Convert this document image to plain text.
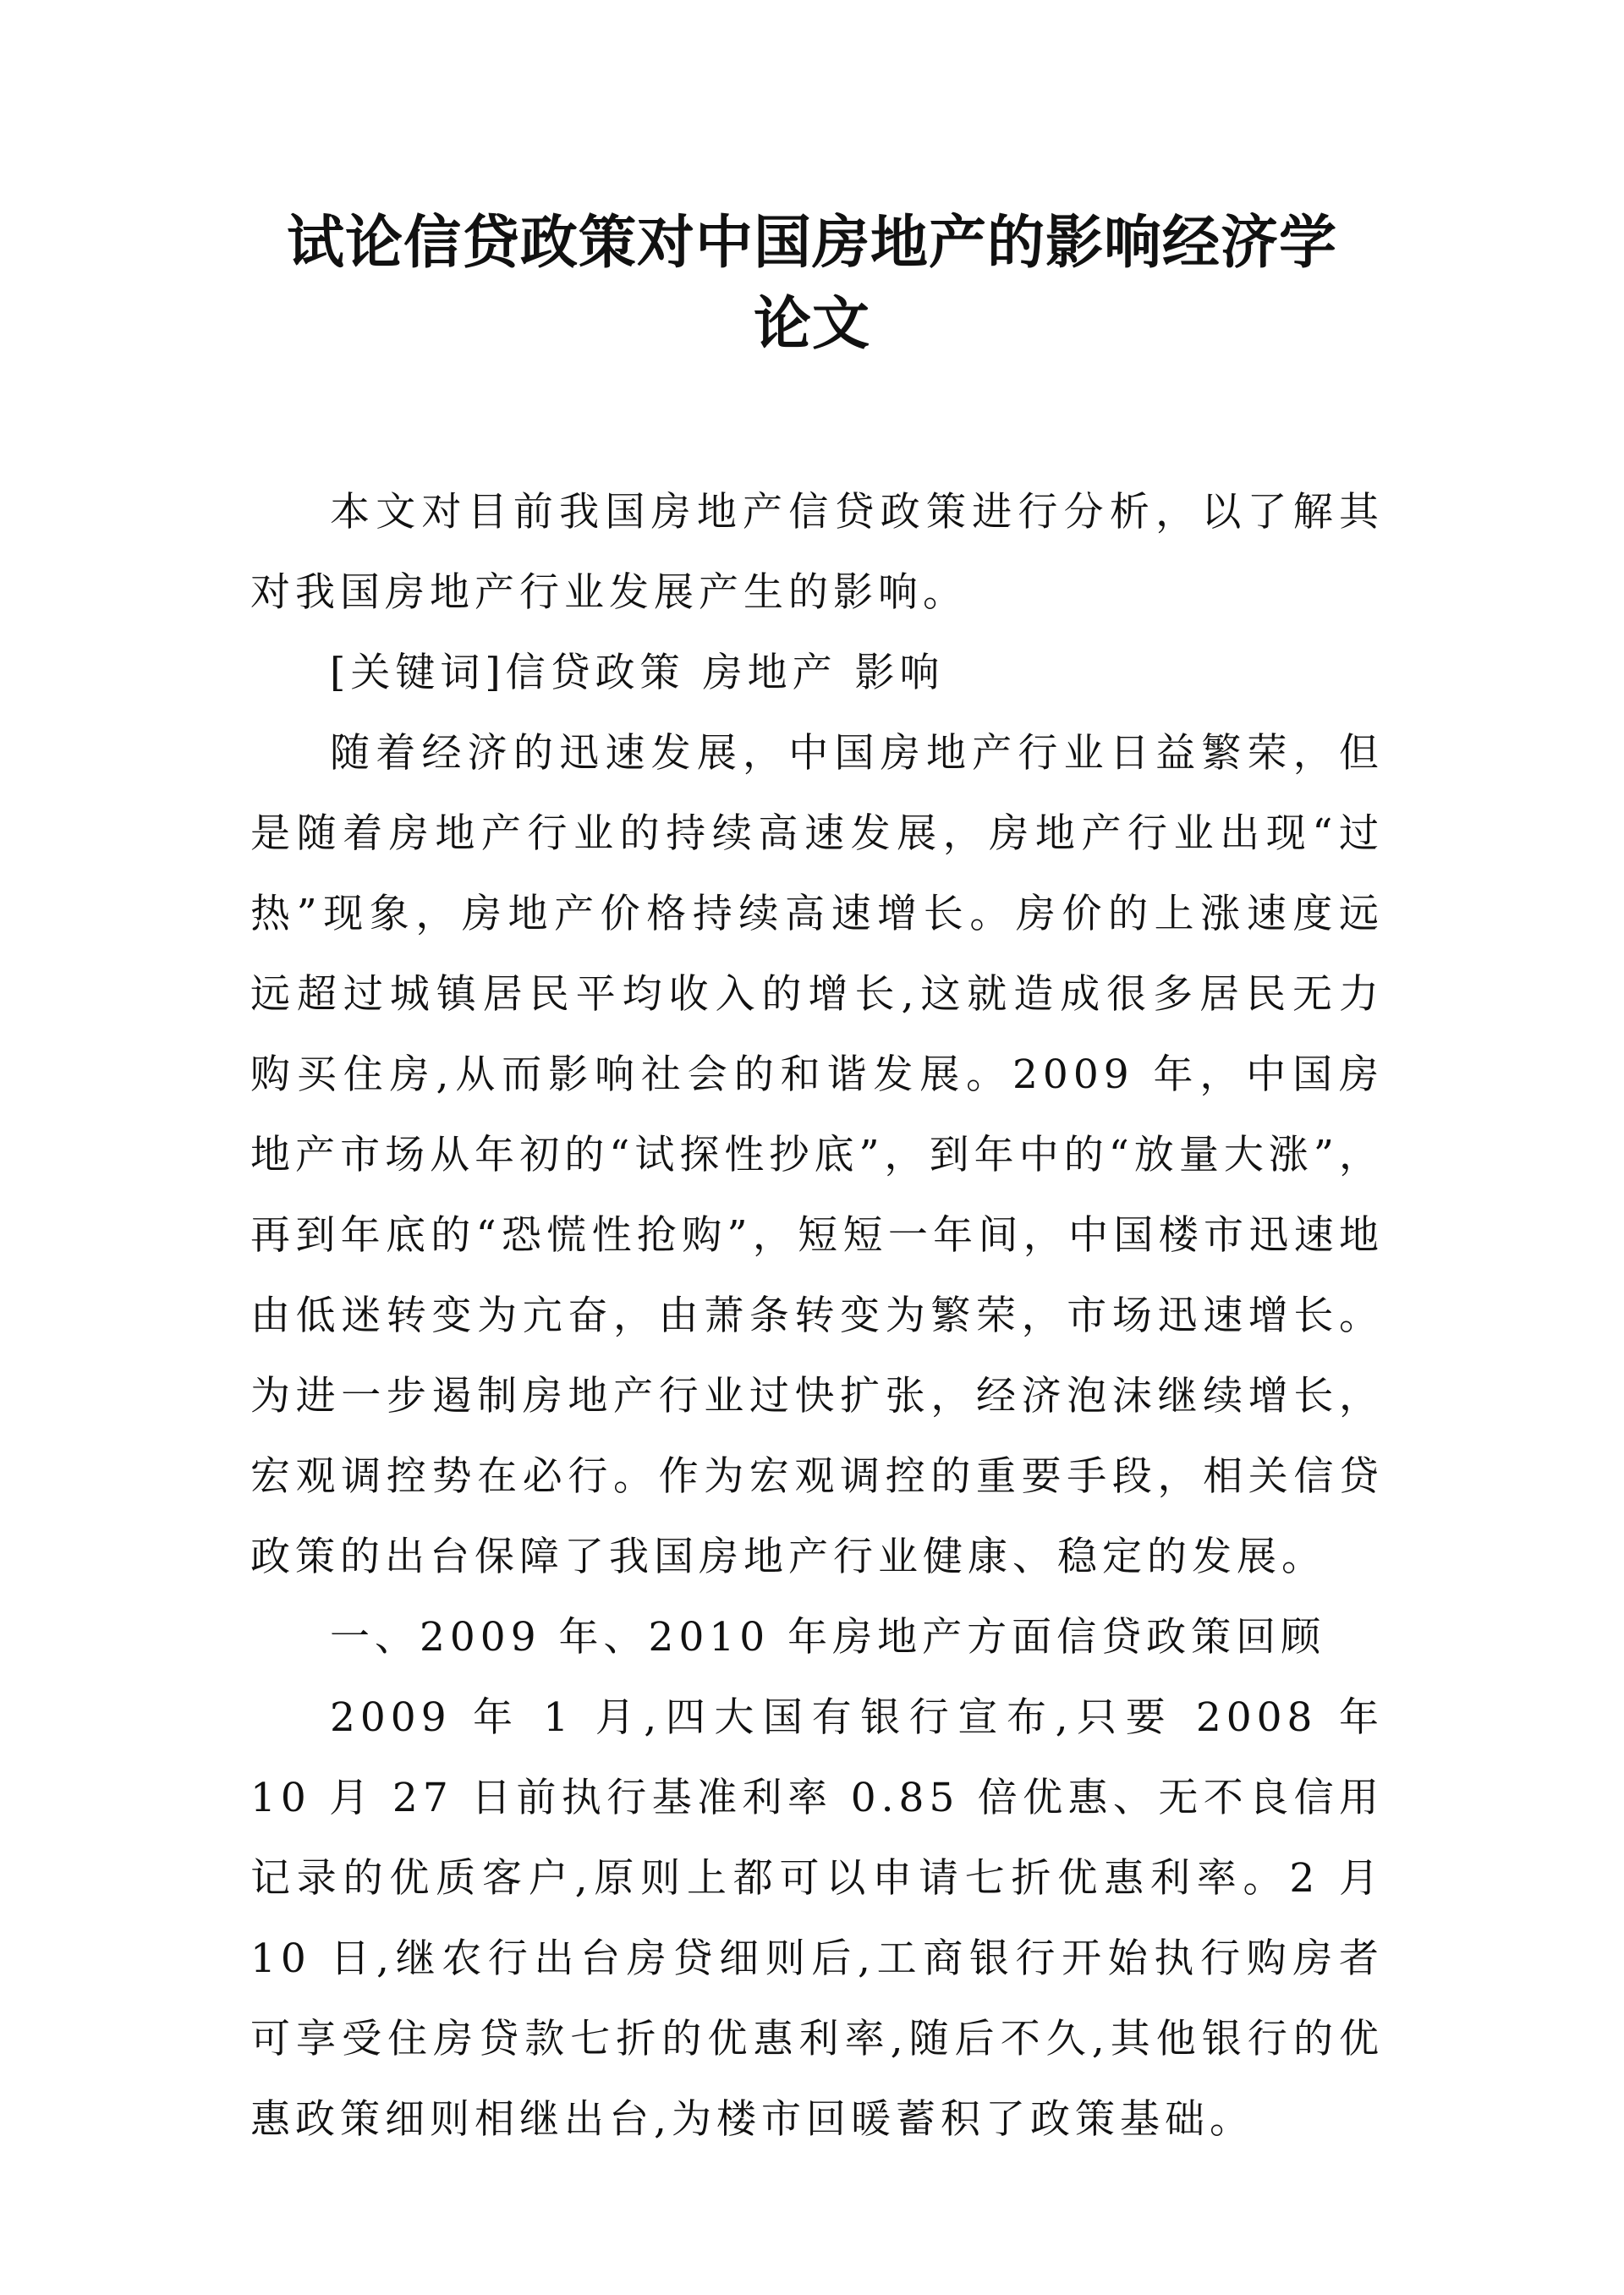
试论信贷政策对中国房地产的影响经济学
论文

本文对目前我国房地产信贷政策进行分析，以了解其对我国房地产行业发展产生的影响。

[关键词]信贷政策 房地产 影响

随着经济的迅速发展，中国房地产行业日益繁荣，但是随着房地产行业的持续高速发展，房地产行业出现“过热”现象，房地产价格持续高速增长。房价的上涨速度远远超过城镇居民平均收入的增长,这就造成很多居民无力购买住房,从而影响社会的和谐发展。2009 年，中国房地产市场从年初的“试探性抄底”，到年中的“放量大涨”，再到年底的“恐慌性抢购”，短短一年间，中国楼市迅速地由低迷转变为亢奋，由萧条转变为繁荣，市场迅速增长。为进一步遏制房地产行业过快扩张，经济泡沫继续增长，宏观调控势在必行。作为宏观调控的重要手段，相关信贷政策的出台保障了我国房地产行业健康、稳定的发展。

一、2009 年、2010 年房地产方面信贷政策回顾

2009 年 1 月,四大国有银行宣布,只要 2008 年 10 月 27 日前执行基准利率 0.85 倍优惠、无不良信用记录的优质客户,原则上都可以申请七折优惠利率。2 月 10 日,继农行出台房贷细则后,工商银行开始执行购房者可享受住房贷款七折的优惠利率,随后不久,其他银行的优惠政策细则相继出台,为楼市回暖蓄积了政策基础。
